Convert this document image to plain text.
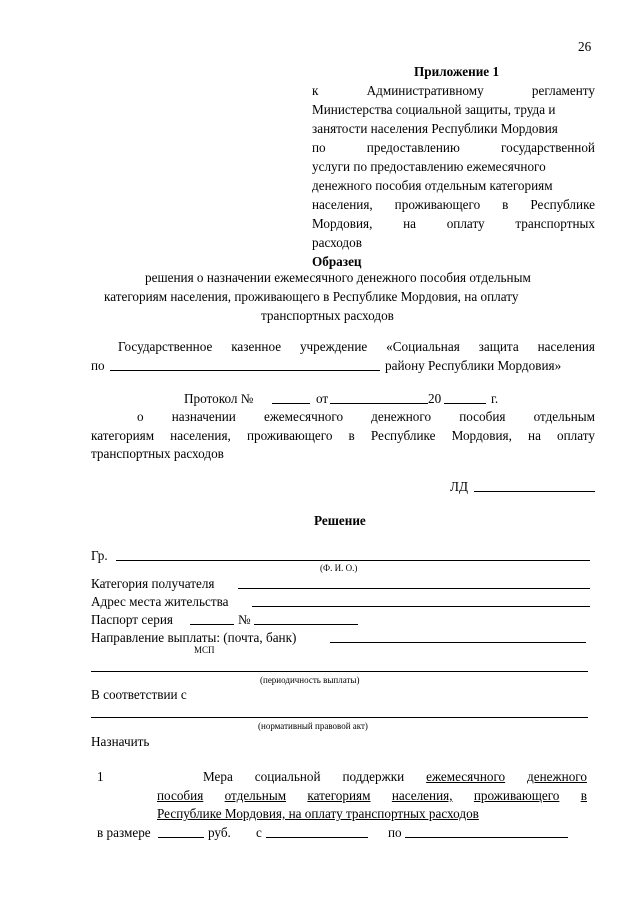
26
Приложение 1
к	Административному	регламенту
Министерства социальной защиты, труда и
занятости населения Республики Мордовия
по	предоставлению	государственной
услуги по предоставлению ежемесячного
денежного пособия отдельным категориям
населения, проживающего в Республике
Мордовия, на оплату транспортных
расходов
Образец
решения о назначении ежемесячного денежного пособия отдельным
категориям населения, проживающего в Республике Мордовия, на оплату
транспортных расходов
Государственное казенное учреждение «Социальная защита населения
по	району Республики Мордовия»
Протокол №	от	20	г.
о назначении ежемесячного денежного пособия отдельным
категориям населения, проживающего в Республике Мордовия, на оплату
транспортных расходов
ЛД
Решение
Гр.
(Ф. И. О.)
Категория получателя
Адрес места жительства
Паспорт серия	№
Направление выплаты: (почта, банк)
МСП
(периодичность выплаты)
В соответствии с
(нормативный правовой акт)
Назначить
1	Мера социальной поддержки ежемесячного денежного
пособия отдельным категориям населения, проживающего в
Республике Мордовия, на оплату транспортных расходов
в размере	руб. с	по
